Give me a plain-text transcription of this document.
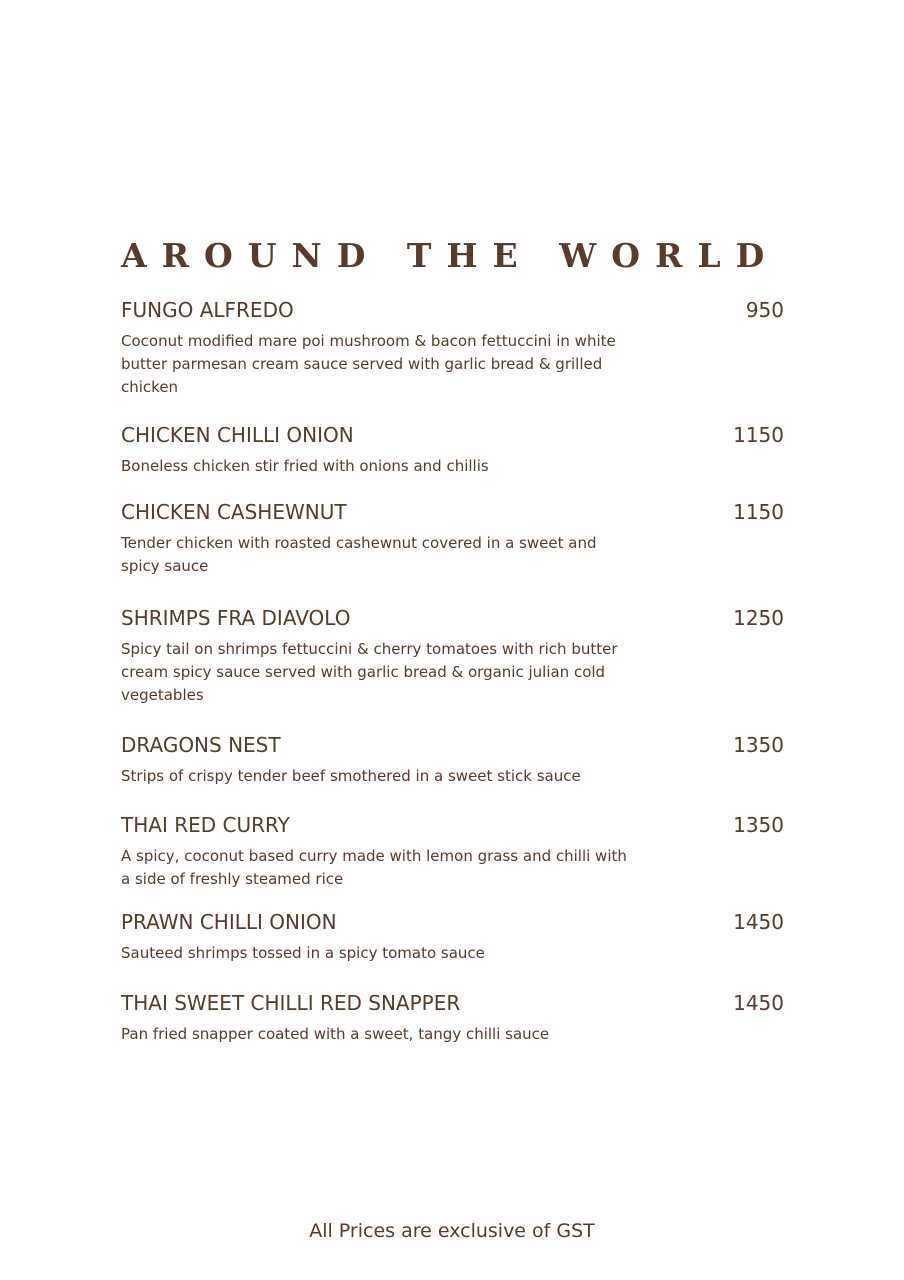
AROUND THE WORLD
FUNGO ALFREDO	950
Coconut modified mare poi mushroom & bacon fettuccini in white butter parmesan cream sauce served with garlic bread & grilled chicken
CHICKEN CHILLI ONION	1150
Boneless chicken stir fried with onions and chillis
CHICKEN CASHEWNUT	1150
Tender chicken with roasted cashewnut covered in a sweet and spicy sauce
SHRIMPS FRA DIAVOLO	1250
Spicy tail on shrimps fettuccini & cherry tomatoes with rich butter cream spicy sauce served with garlic bread & organic julian cold vegetables
DRAGONS NEST	1350
Strips of crispy tender beef smothered in a sweet stick sauce
THAI RED CURRY	1350
A spicy, coconut based curry made with lemon grass and chilli with a side of freshly steamed rice
PRAWN CHILLI ONION	1450
Sauteed shrimps tossed in a spicy tomato sauce
THAI SWEET CHILLI RED SNAPPER	1450
Pan fried snapper coated with a sweet, tangy chilli sauce
All Prices are exclusive of GST
